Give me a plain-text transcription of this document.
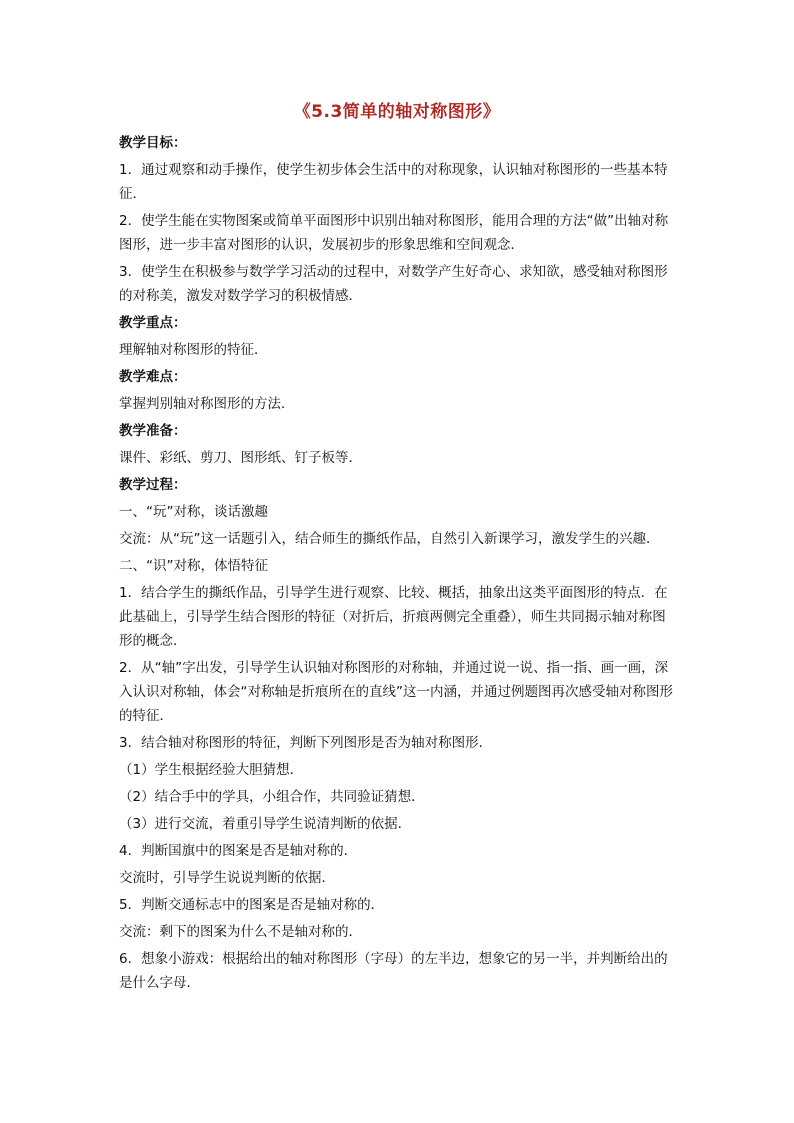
《5.3简单的轴对称图形》
教学目标：
1．通过观察和动手操作，使学生初步体会生活中的对称现象，认识轴对称图形的一些基本特征．
2．使学生能在实物图案或简单平面图形中识别出轴对称图形，能用合理的方法“做”出轴对称图形，进一步丰富对图形的认识，发展初步的形象思维和空间观念．
3．使学生在积极参与数学学习活动的过程中，对数学产生好奇心、求知欲，感受轴对称图形的对称美，激发对数学学习的积极情感．
教学重点：
理解轴对称图形的特征．
教学难点：
掌握判别轴对称图形的方法．
教学准备：
课件、彩纸、剪刀、图形纸、钉子板等．
教学过程：
一、“玩”对称，谈话激趣
交流：从“玩”这一话题引入，结合师生的撕纸作品，自然引入新课学习，激发学生的兴趣．
二、“识”对称，体悟特征
1．结合学生的撕纸作品，引导学生进行观察、比较、概括，抽象出这类平面图形的特点．在此基础上，引导学生结合图形的特征（对折后，折痕两侧完全重叠），师生共同揭示轴对称图形的概念．
2．从“轴”字出发，引导学生认识轴对称图形的对称轴，并通过说一说、指一指、画一画，深入认识对称轴，体会“对称轴是折痕所在的直线”这一内涵，并通过例题图再次感受轴对称图形的特征．
3．结合轴对称图形的特征，判断下列图形是否为轴对称图形．
（1）学生根据经验大胆猜想．
（2）结合手中的学具，小组合作，共同验证猜想．
（3）进行交流，着重引导学生说清判断的依据．
4．判断国旗中的图案是否是轴对称的．
交流时，引导学生说说判断的依据．
5．判断交通标志中的图案是否是轴对称的．
交流：剩下的图案为什么不是轴对称的．
6．想象小游戏：根据给出的轴对称图形（字母）的左半边，想象它的另一半，并判断给出的是什么字母．
